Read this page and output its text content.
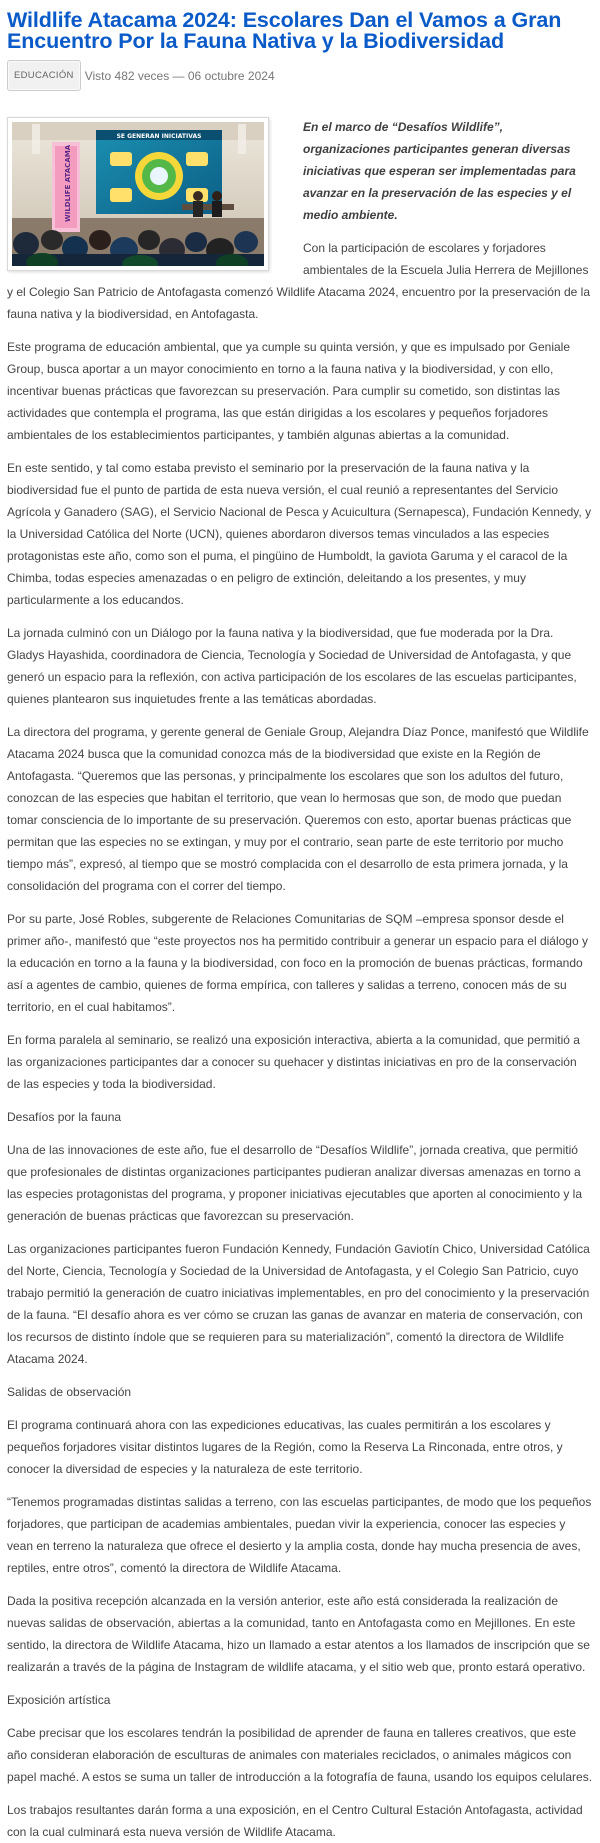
Wildlife Atacama 2024: Escolares Dan el Vamos a Gran Encuentro Por la Fauna Nativa y la Biodiversidad
EDUCACIÓN Visto 482 veces — 06 octubre 2024
WILDLIFE ATACAMA
SE GENERAN INICIATIVAS

En el marco de “Desafíos Wildlife”, organizaciones participantes generan diversas iniciativas que esperan ser implementadas para avanzar en la preservación de las especies y el medio ambiente.

Con la participación de escolares y forjadores ambientales de la Escuela Julia Herrera de Mejillones y el Colegio San Patricio de Antofagasta comenzó Wildlife Atacama 2024, encuentro por la preservación de la fauna nativa y la biodiversidad, en Antofagasta.

Este programa de educación ambiental, que ya cumple su quinta versión, y que es impulsado por Geniale Group, busca aportar a un mayor conocimiento en torno a la fauna nativa y la biodiversidad, y con ello, incentivar buenas prácticas que favorezcan su preservación. Para cumplir su cometido, son distintas las actividades que contempla el programa, las que están dirigidas a los escolares y pequeños forjadores ambientales de los establecimientos participantes, y también algunas abiertas a la comunidad.

En este sentido, y tal como estaba previsto el seminario por la preservación de la fauna nativa y la biodiversidad fue el punto de partida de esta nueva versión, el cual reunió a representantes del Servicio Agrícola y Ganadero (SAG), el Servicio Nacional de Pesca y Acuicultura (Sernapesca), Fundación Kennedy, y la Universidad Católica del Norte (UCN), quienes abordaron diversos temas vinculados a las especies protagonistas este año, como son el puma, el pingüino de Humboldt, la gaviota Garuma y el caracol de la Chimba, todas especies amenazadas o en peligro de extinción, deleitando a los presentes, y muy particularmente a los educandos.

La jornada culminó con un Diálogo por la fauna nativa y la biodiversidad, que fue moderada por la Dra. Gladys Hayashida, coordinadora de Ciencia, Tecnología y Sociedad de Universidad de Antofagasta, y que generó un espacio para la reflexión, con activa participación de los escolares de las escuelas participantes, quienes plantearon sus inquietudes frente a las temáticas abordadas.

La directora del programa, y gerente general de Geniale Group, Alejandra Díaz Ponce, manifestó que Wildlife Atacama 2024 busca que la comunidad conozca más de la biodiversidad que existe en la Región de Antofagasta. “Queremos que las personas, y principalmente los escolares que son los adultos del futuro, conozcan de las especies que habitan el territorio, que vean lo hermosas que son, de modo que puedan tomar consciencia de lo importante de su preservación. Queremos con esto, aportar buenas prácticas que permitan que las especies no se extingan, y muy por el contrario, sean parte de este territorio por mucho tiempo más”, expresó, al tiempo que se mostró complacida con el desarrollo de esta primera jornada, y la consolidación del programa con el correr del tiempo.

Por su parte, José Robles, subgerente de Relaciones Comunitarias de SQM –empresa sponsor desde el primer año-, manifestó que “este proyectos nos ha permitido contribuir a generar un espacio para el diálogo y la educación en torno a la fauna y la biodiversidad, con foco en la promoción de buenas prácticas, formando así a agentes de cambio, quienes de forma empírica, con talleres y salidas a terreno, conocen más de su territorio, en el cual habitamos”.

En forma paralela al seminario, se realizó una exposición interactiva, abierta a la comunidad, que permitió a las organizaciones participantes dar a conocer su quehacer y distintas iniciativas en pro de la conservación de las especies y toda la biodiversidad.

Desafíos por la fauna

Una de las innovaciones de este año, fue el desarrollo de “Desafíos Wildlife”, jornada creativa, que permitió que profesionales de distintas organizaciones participantes pudieran analizar diversas amenazas en torno a las especies protagonistas del programa, y proponer iniciativas ejecutables que aporten al conocimiento y la generación de buenas prácticas que favorezcan su preservación.

Las organizaciones participantes fueron Fundación Kennedy, Fundación Gaviotín Chico, Universidad Católica del Norte, Ciencia, Tecnología y Sociedad de la Universidad de Antofagasta, y el Colegio San Patricio, cuyo trabajo permitió la generación de cuatro iniciativas implementables, en pro del conocimiento y la preservación de la fauna. “El desafío ahora es ver cómo se cruzan las ganas de avanzar en materia de conservación, con los recursos de distinto índole que se requieren para su materialización”, comentó la directora de Wildlife Atacama 2024.

Salidas de observación

El programa continuará ahora con las expediciones educativas, las cuales permitirán a los escolares y pequeños forjadores visitar distintos lugares de la Región, como la Reserva La Rinconada, entre otros, y conocer la diversidad de especies y la naturaleza de este territorio.

“Tenemos programadas distintas salidas a terreno, con las escuelas participantes, de modo que los pequeños forjadores, que participan de academias ambientales, puedan vivir la experiencia, conocer las especies y vean en terreno la naturaleza que ofrece el desierto y la amplia costa, donde hay mucha presencia de aves, reptiles, entre otros”, comentó la directora de Wildlife Atacama.

Dada la positiva recepción alcanzada en la versión anterior, este año está considerada la realización de nuevas salidas de observación, abiertas a la comunidad, tanto en Antofagasta como en Mejillones. En este sentido, la directora de Wildlife Atacama, hizo un llamado a estar atentos a los llamados de inscripción que se realizarán a través de la página de Instagram de wildlife atacama, y el sitio web que, pronto estará operativo.

Exposición artística

Cabe precisar que los escolares tendrán la posibilidad de aprender de fauna en talleres creativos, que este año consideran elaboración de esculturas de animales con materiales reciclados, o animales mágicos con papel maché. A estos se suma un taller de introducción a la fotografía de fauna, usando los equipos celulares.

Los trabajos resultantes darán forma a una exposición, en el Centro Cultural Estación Antofagasta, actividad con la cual culminará esta nueva versión de Wildlife Atacama.
